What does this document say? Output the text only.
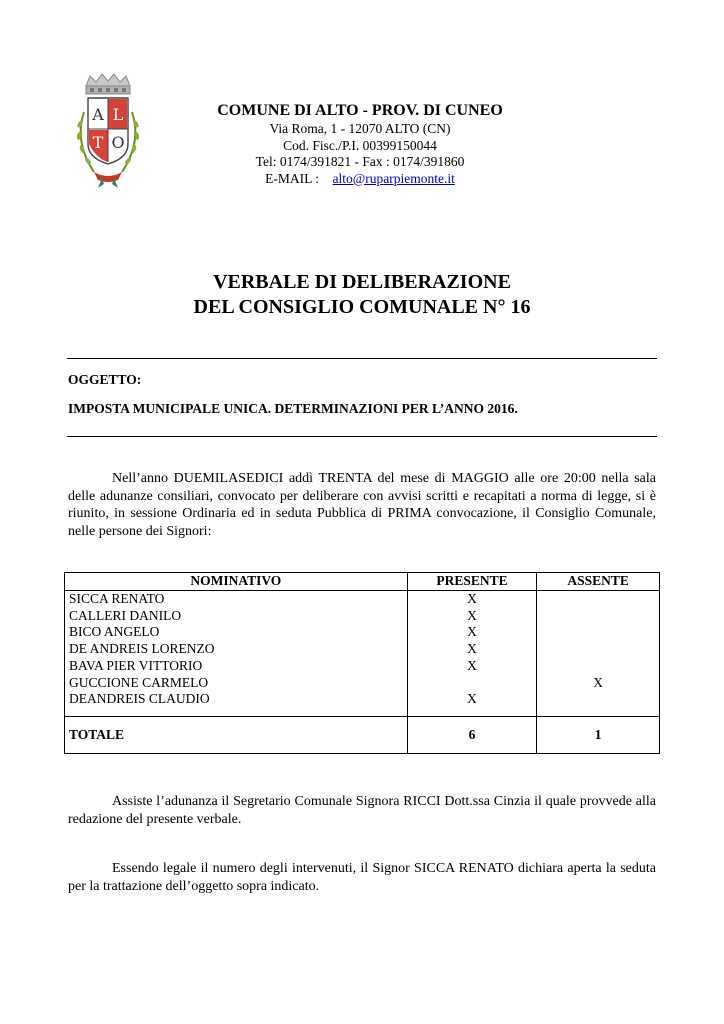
A L
T O
COMUNE DI ALTO - PROV. DI CUNEO
Via Roma, 1 - 12070 ALTO (CN)
Cod. Fisc./P.I. 00399150044
Tel: 0174/391821 - Fax : 0174/391860
E-MAIL : alto@ruparpiemonte.it
VERBALE DI DELIBERAZIONE
DEL CONSIGLIO COMUNALE N° 16
OGGETTO:
IMPOSTA MUNICIPALE UNICA. DETERMINAZIONI PER L’ANNO 2016.
Nell’anno DUEMILASEDICI addì TRENTA del mese di MAGGIO alle ore 20:00 nella sala delle adunanze consiliari, convocato per deliberare con avvisi scritti e recapitati a norma di legge, si è riunito, in sessione Ordinaria ed in seduta Pubblica di PRIMA convocazione, il Consiglio Comunale, nelle persone dei Signori:
NOMINATIVO	PRESENTE	ASSENTE
SICCA RENATO	X	
CALLERI DANILO	X	
BICO ANGELO	X	
DE ANDREIS LORENZO	X	
BAVA PIER VITTORIO	X	
GUCCIONE CARMELO		X
DEANDREIS CLAUDIO	X	

TOTALE	6	1
Assiste l’adunanza il Segretario Comunale Signora RICCI Dott.ssa Cinzia il quale provvede alla redazione del presente verbale.
Essendo legale il numero degli intervenuti, il Signor SICCA RENATO dichiara aperta la seduta per la trattazione dell’oggetto sopra indicato.
